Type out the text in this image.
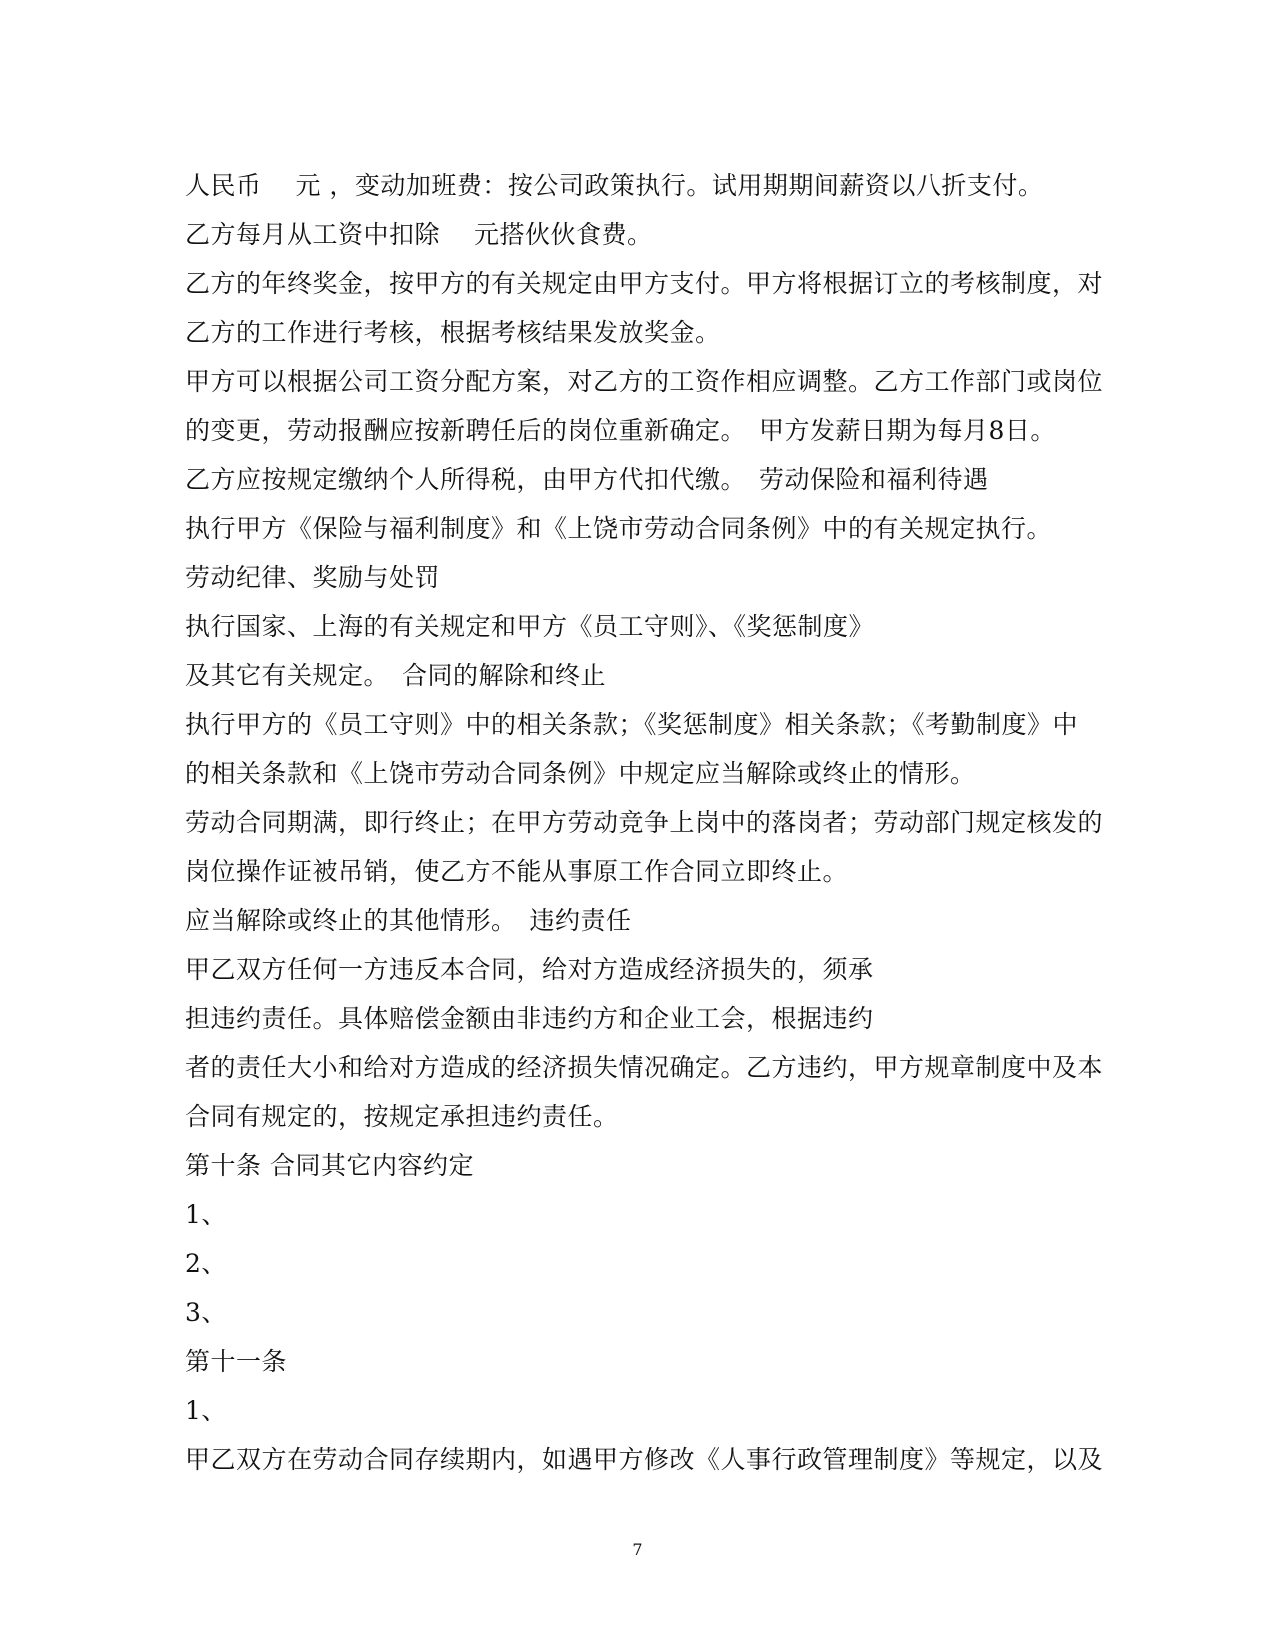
人民币　 元 ，变动加班费：按公司政策执行。试用期期间薪资以八折支付。
乙方每月从工资中扣除　 元搭伙伙食费。
乙方的年终奖金，按甲方的有关规定由甲方支付。甲方将根据订立的考核制度，对
乙方的工作进行考核，根据考核结果发放奖金。
甲方可以根据公司工资分配方案，对乙方的工资作相应调整。乙方工作部门或岗位
的变更，劳动报酬应按新聘任后的岗位重新确定。　甲方发薪日期为每月8日。
乙方应按规定缴纳个人所得税，由甲方代扣代缴。　劳动保险和福利待遇
执行甲方《保险与福利制度》和《上饶市劳动合同条例》中的有关规定执行。
劳动纪律、奖励与处罚
执行国家、上海的有关规定和甲方《员工守则》、《奖惩制度》
及其它有关规定。　合同的解除和终止
执行甲方的《员工守则》中的相关条款；《奖惩制度》相关条款；《考勤制度》中
的相关条款和《上饶市劳动合同条例》中规定应当解除或终止的情形。
劳动合同期满，即行终止；在甲方劳动竞争上岗中的落岗者；劳动部门规定核发的
岗位操作证被吊销，使乙方不能从事原工作合同立即终止。
应当解除或终止的其他情形。　违约责任
甲乙双方任何一方违反本合同，给对方造成经济损失的，须承
担违约责任。具体赔偿金额由非违约方和企业工会，根据违约
者的责任大小和给对方造成的经济损失情况确定。乙方违约，甲方规章制度中及本
合同有规定的，按规定承担违约责任。
第十条 合同其它内容约定
1、
2、
3、
第十一条
1、
甲乙双方在劳动合同存续期内，如遇甲方修改《人事行政管理制度》等规定，以及
7
